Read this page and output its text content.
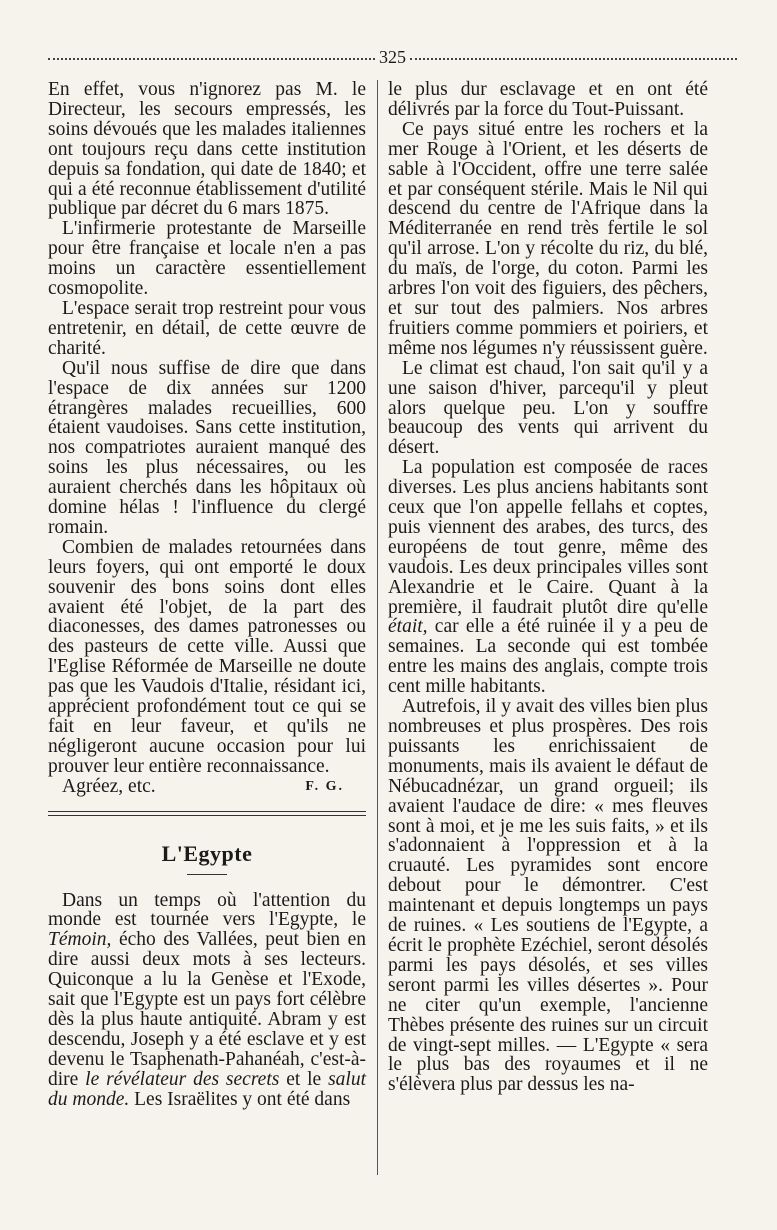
325

En effet, vous n'ignorez pas M. le Directeur, les secours empressés, les soins dévoués que les malades italiennes ont toujours reçu dans cette institution depuis sa fondation, qui date de 1840; et qui a été reconnue établissement d'utilité publique par décret du 6 mars 1875.

L'infirmerie protestante de Marseille pour être française et locale n'en a pas moins un caractère essentiellement cosmopolite.

L'espace serait trop restreint pour vous entretenir, en détail, de cette œuvre de charité.

Qu'il nous suffise de dire que dans l'espace de dix années sur 1200 étrangères malades recueillies, 600 étaient vaudoises. Sans cette institution, nos compatriotes auraient manqué des soins les plus nécessaires, ou les auraient cherchés dans les hôpitaux où domine hélas ! l'influence du clergé romain.

Combien de malades retournées dans leurs foyers, qui ont emporté le doux souvenir des bons soins dont elles avaient été l'objet, de la part des diaconesses, des dames patronesses ou des pasteurs de cette ville. Aussi que l'Eglise Réformée de Marseille ne doute pas que les Vaudois d'Italie, résidant ici, apprécient profondément tout ce qui se fait en leur faveur, et qu'ils ne négligeront aucune occasion pour lui prouver leur entière reconnaissance.

Agréez, etc.	F. G.
L'Egypte

Dans un temps où l'attention du monde est tournée vers l'Egypte, le Témoin, écho des Vallées, peut bien en dire aussi deux mots à ses lecteurs. Quiconque a lu la Genèse et l'Exode, sait que l'Egypte est un pays fort célèbre dès la plus haute antiquité. Abram y est descendu, Joseph y a été esclave et y est devenu le Tsaphenath-Pahanéah, c'est-à-dire le révélateur des secrets et le salut du monde. Les Israëlites y ont été dans

le plus dur esclavage et en ont été délivrés par la force du Tout-Puissant.

Ce pays situé entre les rochers et la mer Rouge à l'Orient, et les déserts de sable à l'Occident, offre une terre salée et par conséquent stérile. Mais le Nil qui descend du centre de l'Afrique dans la Méditerranée en rend très fertile le sol qu'il arrose. L'on y récolte du riz, du blé, du maïs, de l'orge, du coton. Parmi les arbres l'on voit des figuiers, des pêchers, et sur tout des palmiers. Nos arbres fruitiers comme pommiers et poiriers, et même nos légumes n'y réussissent guère.

Le climat est chaud, l'on sait qu'il y a une saison d'hiver, parcequ'il y pleut alors quelque peu. L'on y souffre beaucoup des vents qui arrivent du désert.

La population est composée de races diverses. Les plus anciens habitants sont ceux que l'on appelle fellahs et coptes, puis viennent des arabes, des turcs, des européens de tout genre, même des vaudois. Les deux principales villes sont Alexandrie et le Caire. Quant à la première, il faudrait plutôt dire qu'elle était, car elle a été ruinée il y a peu de semaines. La seconde qui est tombée entre les mains des anglais, compte trois cent mille habitants.

Autrefois, il y avait des villes bien plus nombreuses et plus prospères. Des rois puissants les enrichissaient de monuments, mais ils avaient le défaut de Nébucadnézar, un grand orgueil; ils avaient l'audace de dire: « mes fleuves sont à moi, et je me les suis faits, » et ils s'adonnaient à l'oppression et à la cruauté. Les pyramides sont encore debout pour le démontrer. C'est maintenant et depuis longtemps un pays de ruines. « Les soutiens de l'Egypte, a écrit le prophète Ezéchiel, seront désolés parmi les pays désolés, et ses villes seront parmi les villes désertes ». Pour ne citer qu'un exemple, l'ancienne Thèbes présente des ruines sur un circuit de vingt-sept milles. — L'Egypte « sera le plus bas des royaumes et il ne s'élèvera plus par dessus les na-
